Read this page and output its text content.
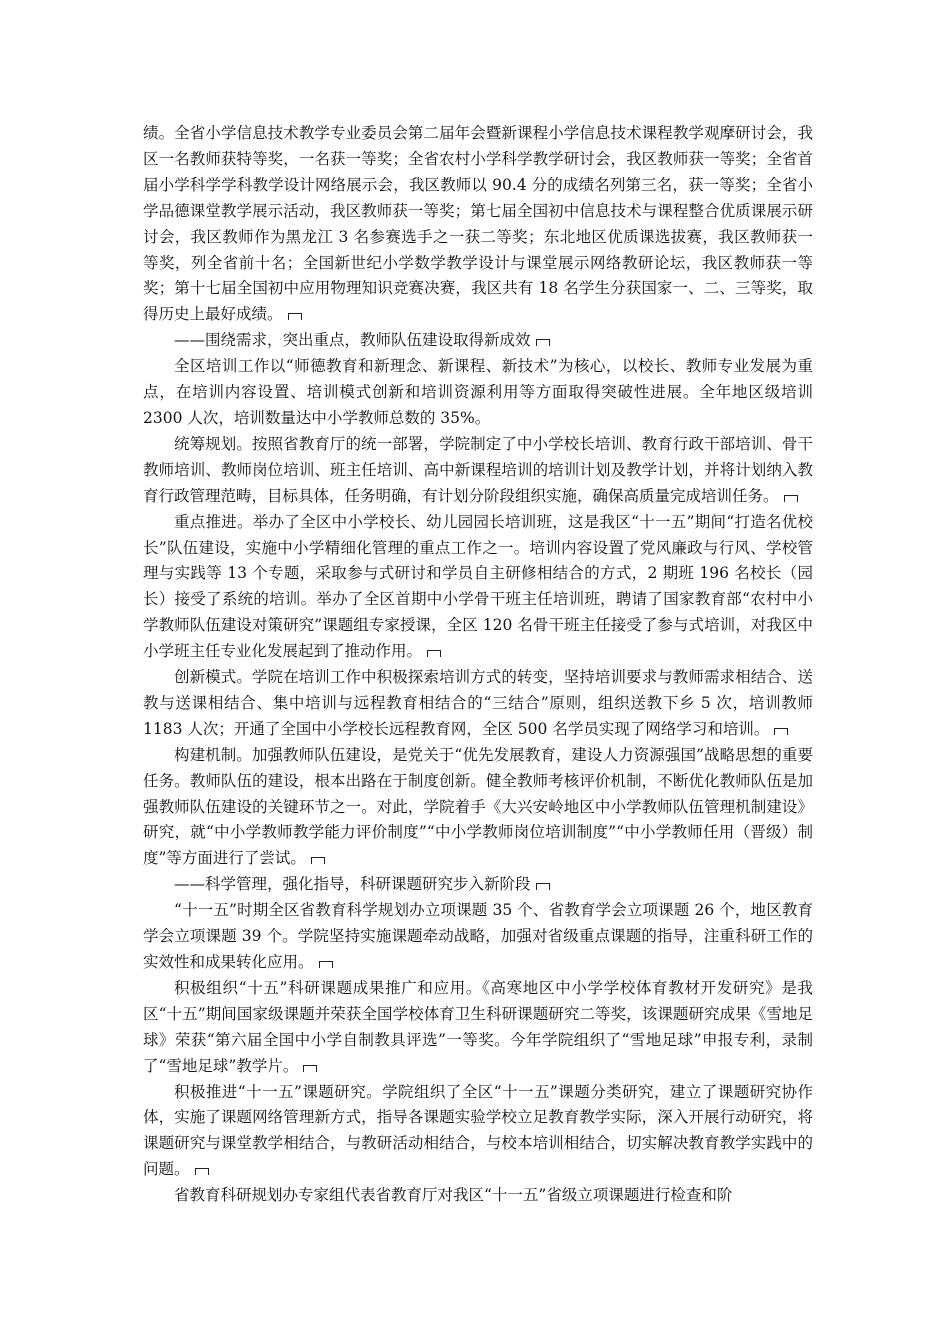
绩。全省小学信息技术教学专业委员会第二届年会暨新课程小学信息技术课程教学观摩研讨会，我区一名教师获特等奖，一名获一等奖；全省农村小学科学教学研讨会，我区教师获一等奖；全省首届小学科学学科教学设计网络展示会，我区教师以 90.4 分的成绩名列第三名，获一等奖；全省小学品德课堂教学展示活动，我区教师获一等奖；第七届全国初中信息技术与课程整合优质课展示研讨会，我区教师作为黑龙江 3 名参赛选手之一获二等奖；东北地区优质课选拔赛，我区教师获一等奖，列全省前十名；全国新世纪小学数学教学设计与课堂展示网络教研论坛，我区教师获一等奖；第十七届全国初中应用物理知识竞赛决赛，我区共有 18 名学生分获国家一、二、三等奖，取得历史上最好成绩。

——围绕需求，突出重点，教师队伍建设取得新成效

全区培训工作以“师德教育和新理念、新课程、新技术”为核心，以校长、教师专业发展为重点，在培训内容设置、培训模式创新和培训资源利用等方面取得突破性进展。全年地区级培训 2300 人次，培训数量达中小学教师总数的 35%。

统筹规划。按照省教育厅的统一部署，学院制定了中小学校长培训、教育行政干部培训、骨干教师培训、教师岗位培训、班主任培训、高中新课程培训的培训计划及教学计划，并将计划纳入教育行政管理范畴，目标具体，任务明确，有计划分阶段组织实施，确保高质量完成培训任务。

重点推进。举办了全区中小学校长、幼儿园园长培训班，这是我区“十一五”期间“打造名优校长”队伍建设，实施中小学精细化管理的重点工作之一。培训内容设置了党风廉政与行风、学校管理与实践等 13 个专题，采取参与式研讨和学员自主研修相结合的方式，2 期班 196 名校长（园长）接受了系统的培训。举办了全区首期中小学骨干班主任培训班，聘请了国家教育部“农村中小学教师队伍建设对策研究”课题组专家授课，全区 120 名骨干班主任接受了参与式培训，对我区中小学班主任专业化发展起到了推动作用。

创新模式。学院在培训工作中积极探索培训方式的转变，坚持培训要求与教师需求相结合、送教与送课相结合、集中培训与远程教育相结合的“三结合”原则，组织送教下乡 5 次，培训教师 1183 人次；开通了全国中小学校长远程教育网，全区 500 名学员实现了网络学习和培训。

构建机制。加强教师队伍建设，是党关于“优先发展教育，建设人力资源强国”战略思想的重要任务。教师队伍的建设，根本出路在于制度创新。健全教师考核评价机制，不断优化教师队伍是加强教师队伍建设的关键环节之一。对此，学院着手《大兴安岭地区中小学教师队伍管理机制建设》研究，就“中小学教师教学能力评价制度”“中小学教师岗位培训制度”“中小学教师任用（晋级）制度”等方面进行了尝试。

——科学管理，强化指导，科研课题研究步入新阶段

“十一五”时期全区省教育科学规划办立项课题 35 个、省教育学会立项课题 26 个，地区教育学会立项课题 39 个。学院坚持实施课题牵动战略，加强对省级重点课题的指导，注重科研工作的实效性和成果转化应用。

积极组织“十五”科研课题成果推广和应用。《高寒地区中小学学校体育教材开发研究》是我区“十五”期间国家级课题并荣获全国学校体育卫生科研课题研究二等奖，该课题研究成果《雪地足球》荣获“第六届全国中小学自制教具评选”一等奖。今年学院组织了“雪地足球”申报专利，录制了“雪地足球”教学片。

积极推进“十一五”课题研究。学院组织了全区“十一五”课题分类研究，建立了课题研究协作体，实施了课题网络管理新方式，指导各课题实验学校立足教育教学实际，深入开展行动研究，将课题研究与课堂教学相结合，与教研活动相结合，与校本培训相结合，切实解决教育教学实践中的问题。

省教育科研规划办专家组代表省教育厅对我区“十一五”省级立项课题进行检查和阶
